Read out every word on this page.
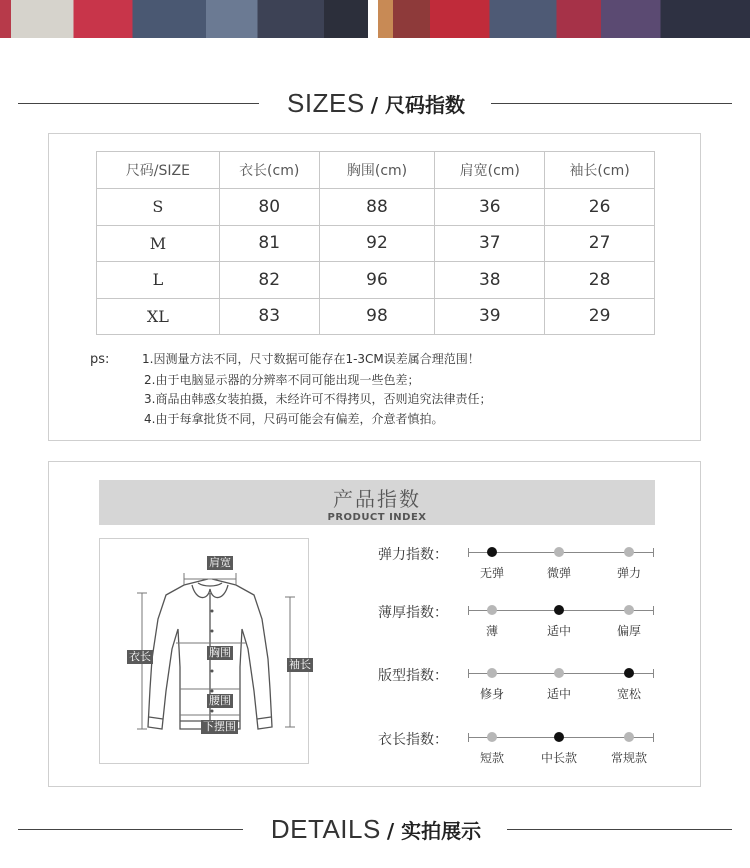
SIZES / 尺码指数
尺码/SIZE	衣长(cm)	胸围(cm)	肩宽(cm)	袖长(cm)
S	80	88	36	26
M	81	92	37	27
L	82	96	38	28
XL	83	98	39	29
ps:	1.因测量方法不同，尺寸数据可能存在1-3CM误差属合理范围！
2.由于电脑显示器的分辨率不同可能出现一些色差；
3.商品由韩惑女装拍摄，未经许可不得拷贝，否则追究法律责任；
4.由于每拿批货不同，尺码可能会有偏差，介意者慎拍。
产品指数
PRODUCT INDEX
肩宽
衣长	胸围
袖长
腰围
下摆围
弹力指数：
无弹	微弹	弹力
薄厚指数：
薄	适中	偏厚
版型指数：
修身	适中	宽松
衣长指数：
短款	中长款	常规款
DETAILS / 实拍展示
